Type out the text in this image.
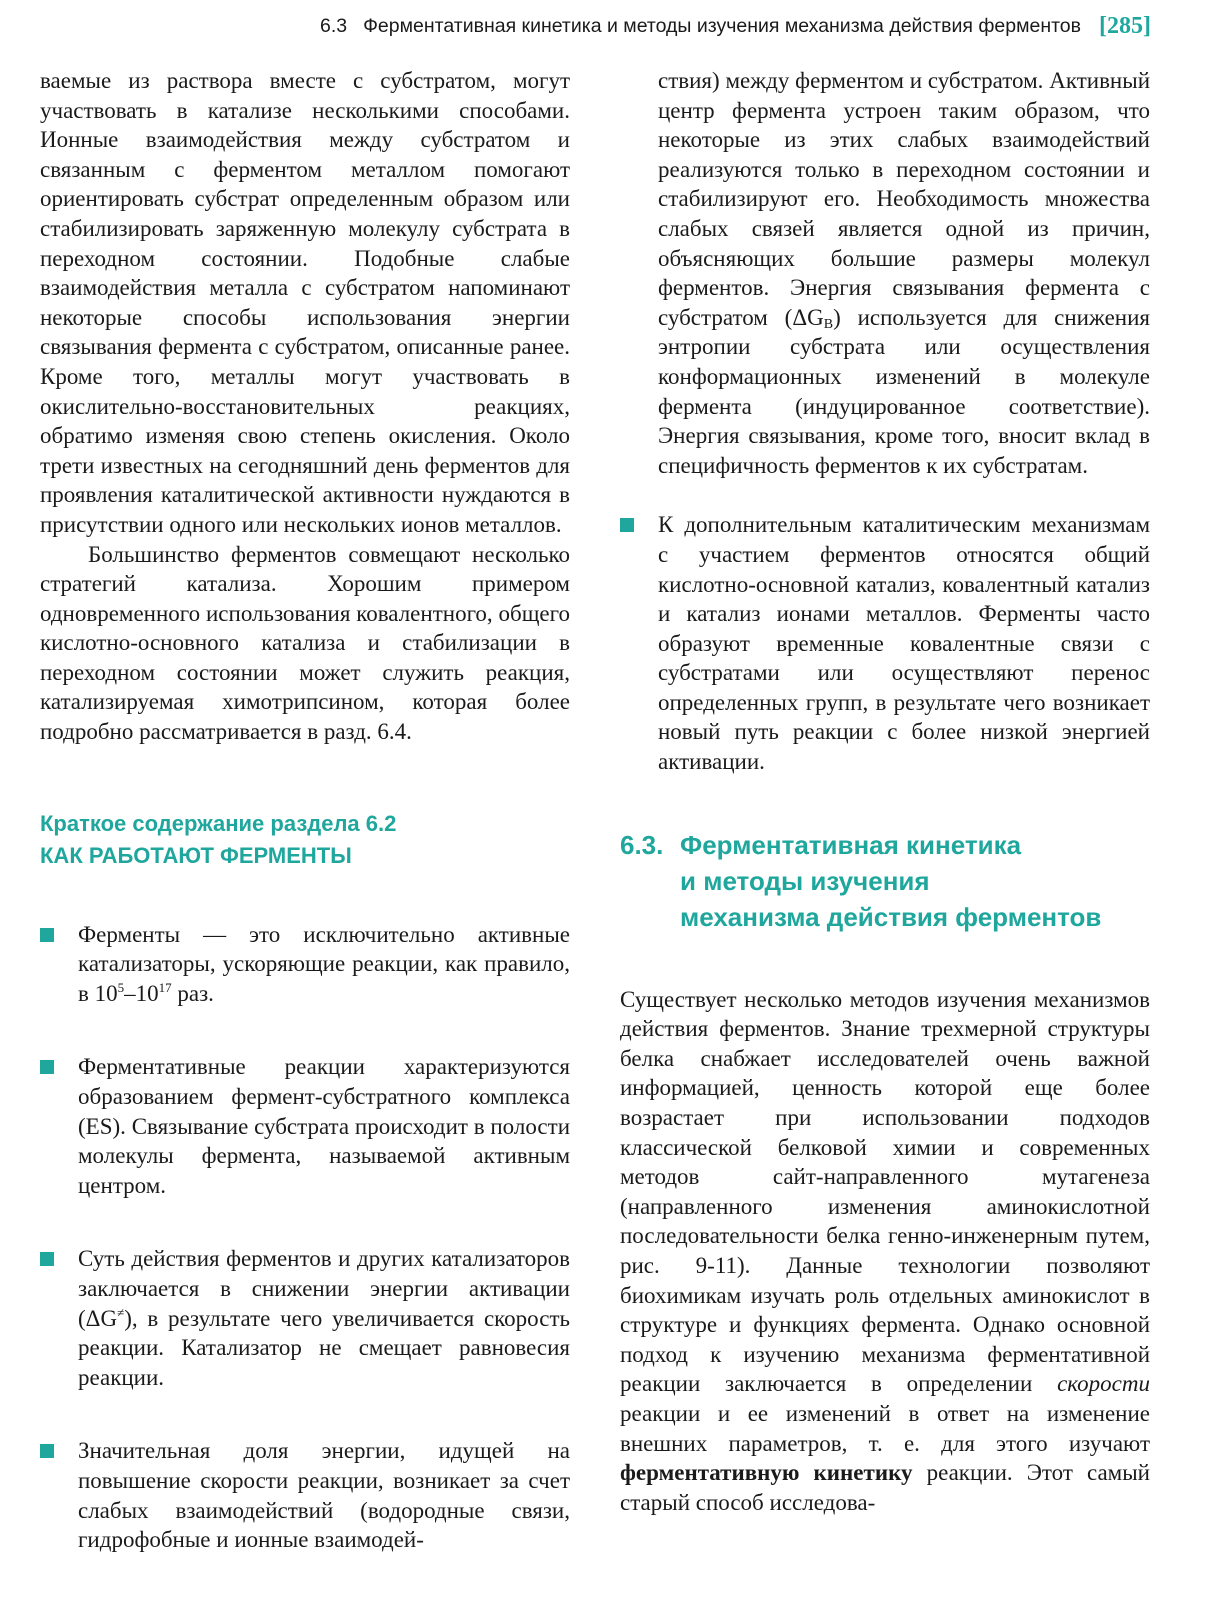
6.3 Ферментативная кинетика и методы изучения механизма действия ферментов [285]

ваемые из раствора вместе с субстратом, могут участвовать в катализе несколькими способами. Ионные взаимодействия между субстратом и связанным с ферментом металлом помогают ориентировать субстрат определенным образом или стабилизировать заряженную молекулу субстрата в переходном состоянии. Подобные слабые взаимодействия металла с субстратом напоминают некоторые способы использования энергии связывания фермента с субстратом, описанные ранее. Кроме того, металлы могут участвовать в окислительно-восстановительных реакциях, обратимо изменяя свою степень окисления. Около трети известных на сегодняшний день ферментов для проявления каталитической активности нуждаются в присутствии одного или нескольких ионов металлов.

Большинство ферментов совмещают несколько стратегий катализа. Хорошим примером одновременного использования ковалентного, общего кислотно-основного катализа и стабилизации в переходном состоянии может служить реакция, катализируемая химотрипсином, которая более подробно рассматривается в разд. 6.4.

Краткое содержание раздела 6.2
КАК РАБОТАЮТ ФЕРМЕНТЫ

Ферменты — это исключительно активные катализаторы, ускоряющие реакции, как правило, в $10^5-10^{17}$ раз.

Ферментативные реакции характеризуются образованием фермент-субстратного комплекса (ES). Связывание субстрата происходит в полости молекулы фермента, называемой активным центром.

Суть действия ферментов и других катализаторов заключается в снижении энергии активации (ΔG≠), в результате чего увеличивается скорость реакции. Катализатор не смещает равновесия реакции.

Значительная доля энергии, идущей на повышение скорости реакции, возникает за счет слабых взаимодействий (водородные связи, гидрофобные и ионные взаимодей-

ствия) между ферментом и субстратом. Активный центр фермента устроен таким образом, что некоторые из этих слабых взаимодействий реализуются только в переходном состоянии и стабилизируют его. Необходимость множества слабых связей является одной из причин, объясняющих большие размеры молекул ферментов. Энергия связывания фермента с субстратом $(\Delta G_B)$ используется для снижения энтропии субстрата или осуществления конформационных изменений в молекуле фермента (индуцированное соответствие). Энергия связывания, кроме того, вносит вклад в специфичность ферментов к их субстратам.

К дополнительным каталитическим механизмам с участием ферментов относятся общий кислотно-основной катализ, ковалентный катализ и катализ ионами металлов. Ферменты часто образуют временные ковалентные связи с субстратами или осуществляют перенос определенных групп, в результате чего возникает новый путь реакции с более низкой энергией активации.

6.3. Ферментативная кинетика
и методы изучения
механизма действия ферментов

Существует несколько методов изучения механизмов действия ферментов. Знание трехмерной структуры белка снабжает исследователей очень важной информацией, ценность которой еще более возрастает при использовании подходов классической белковой химии и современных методов сайт-направленного мутагенеза (направленного изменения аминокислотной последовательности белка генно-инженерным путем, рис. 9-11). Данные технологии позволяют биохимикам изучать роль отдельных аминокислот в структуре и функциях фермента. Однако основной подход к изучению механизма ферментативной реакции заключается в определении скорости реакции и ее изменений в ответ на изменение внешних параметров, т. е. для этого изучают ферментативную кинетику реакции. Этот самый старый способ исследова-
